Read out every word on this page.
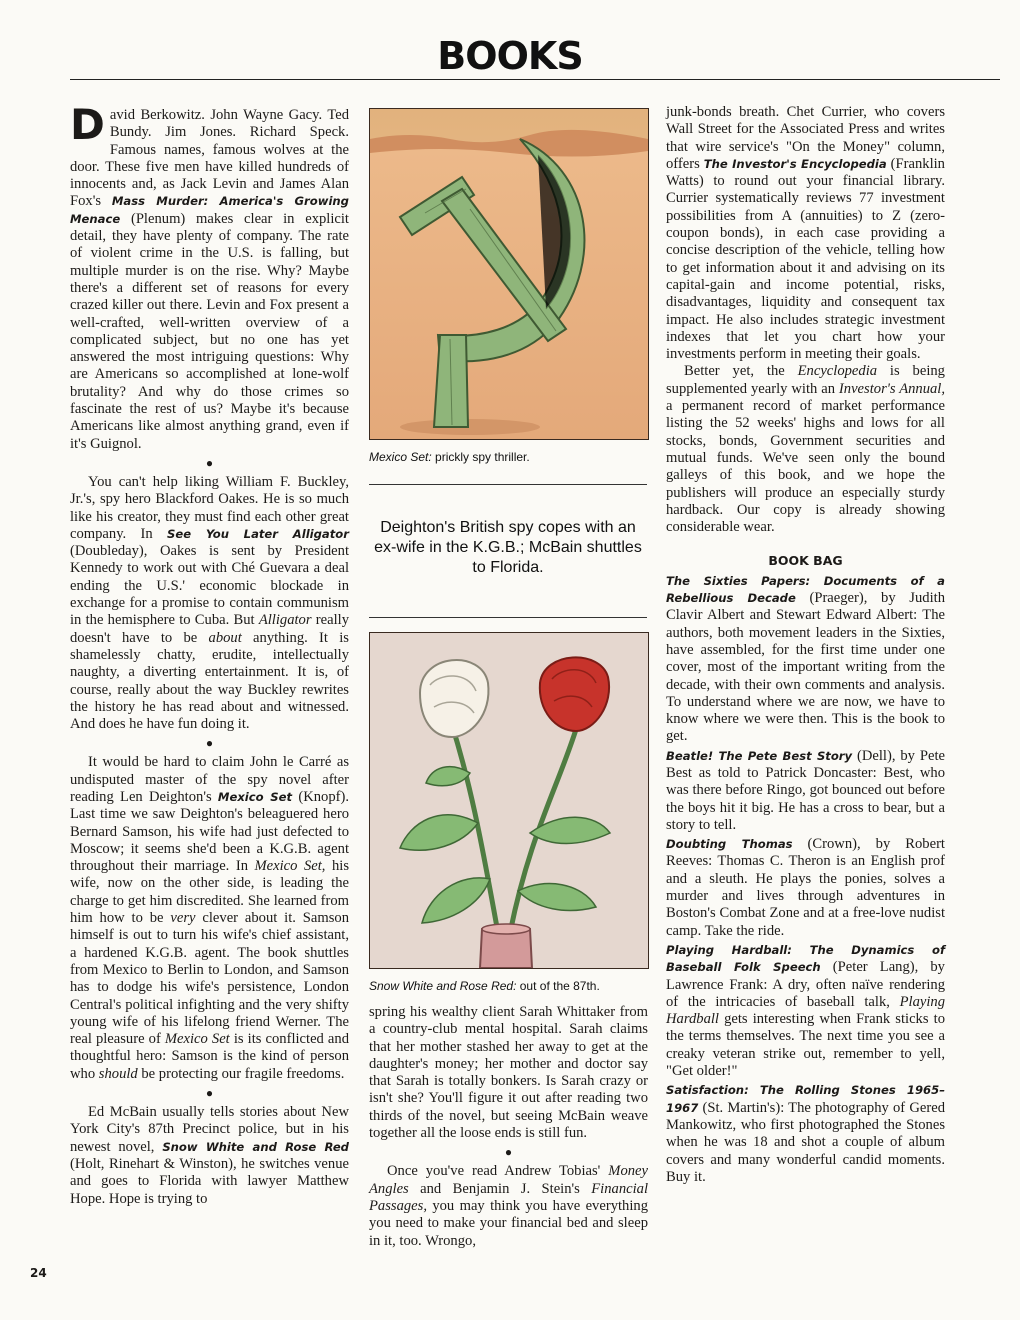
BOOKS

David Berkowitz. John Wayne Gacy. Ted Bundy. Jim Jones. Richard Speck. Famous names, famous wolves at the door. These five men have killed hundreds of innocents and, as Jack Levin and James Alan Fox's Mass Murder: America's Growing Menace (Plenum) makes clear in explicit detail, they have plenty of company. The rate of violent crime in the U.S. is falling, but multiple murder is on the rise. Why? Maybe there's a different set of reasons for every crazed killer out there. Levin and Fox present a well-crafted, well-written overview of a complicated subject, but no one has yet answered the most intriguing questions: Why are Americans so accomplished at lone-wolf brutality? And why do those crimes so fascinate the rest of us? Maybe it's because Americans like almost anything grand, even if it's Guignol.

●

You can't help liking William F. Buckley, Jr.'s, spy hero Blackford Oakes. He is so much like his creator, they must find each other great company. In See You Later Alligator (Doubleday), Oakes is sent by President Kennedy to work out with Ché Guevara a deal ending the U.S.' economic blockade in exchange for a promise to contain communism in the hemisphere to Cuba. But Alligator really doesn't have to be about anything. It is shamelessly chatty, erudite, intellectually naughty, a diverting entertainment. It is, of course, really about the way Buckley rewrites the history he has read about and witnessed. And does he have fun doing it.

●

It would be hard to claim John le Carré as undisputed master of the spy novel after reading Len Deighton's Mexico Set (Knopf). Last time we saw Deighton's beleaguered hero Bernard Samson, his wife had just defected to Moscow; it seems she'd been a K.G.B. agent throughout their marriage. In Mexico Set, his wife, now on the other side, is leading the charge to get him discredited. She learned from him how to be very clever about it. Samson himself is out to turn his wife's chief assistant, a hardened K.G.B. agent. The book shuttles from Mexico to Berlin to London, and Samson has to dodge his wife's persistence, London Central's political infighting and the very shifty young wife of his lifelong friend Werner. The real pleasure of Mexico Set is its conflicted and thoughtful hero: Samson is the kind of person who should be protecting our fragile freedoms.

●

Ed McBain usually tells stories about New York City's 87th Precinct police, but in his newest novel, Snow White and Rose Red (Holt, Rinehart & Winston), he switches venue and goes to Florida with lawyer Matthew Hope. Hope is trying to

Mexico Set: prickly spy thriller.
Deighton's British spy copes with an ex-wife in the K.G.B.; McBain shuttles to Florida.
Snow White and Rose Red: out of the 87th.

spring his wealthy client Sarah Whittaker from a country-club mental hospital. Sarah claims that her mother stashed her away to get at the daughter's money; her mother and doctor say that Sarah is totally bonkers. Is Sarah crazy or isn't she? You'll figure it out after reading two thirds of the novel, but seeing McBain weave together all the loose ends is still fun.

●

Once you've read Andrew Tobias' Money Angles and Benjamin J. Stein's Financial Passages, you may think you have everything you need to make your financial bed and sleep in it, too. Wrongo,

junk-bonds breath. Chet Currier, who covers Wall Street for the Associated Press and writes that wire service's "On the Money" column, offers The Investor's Encyclopedia (Franklin Watts) to round out your financial library. Currier systematically reviews 77 investment possibilities from A (annuities) to Z (zero-coupon bonds), in each case providing a concise description of the vehicle, telling how to get information about it and advising on its capital-gain and income potential, risks, disadvantages, liquidity and consequent tax impact. He also includes strategic investment indexes that let you chart how your investments perform in meeting their goals.

Better yet, the Encyclopedia is being supplemented yearly with an Investor's Annual, a permanent record of market performance listing the 52 weeks' highs and lows for all stocks, bonds, Government securities and mutual funds. We've seen only the bound galleys of this book, and we hope the publishers will produce an especially sturdy hardback. Our copy is already showing considerable wear.

BOOK BAG

The Sixties Papers: Documents of a Rebellious Decade (Praeger), by Judith Clavir Albert and Stewart Edward Albert: The authors, both movement leaders in the Sixties, have assembled, for the first time under one cover, most of the important writing from the decade, with their own comments and analysis. To understand where we are now, we have to know where we were then. This is the book to get.

Beatle! The Pete Best Story (Dell), by Pete Best as told to Patrick Doncaster: Best, who was there before Ringo, got bounced out before the boys hit it big. He has a cross to bear, but a story to tell.

Doubting Thomas (Crown), by Robert Reeves: Thomas C. Theron is an English prof and a sleuth. He plays the ponies, solves a murder and lives through adventures in Boston's Combat Zone and at a free-love nudist camp. Take the ride.

Playing Hardball: The Dynamics of Baseball Folk Speech (Peter Lang), by Lawrence Frank: A dry, often naïve rendering of the intricacies of baseball talk, Playing Hardball gets interesting when Frank sticks to the terms themselves. The next time you see a creaky veteran strike out, remember to yell, "Get older!"

Satisfaction: The Rolling Stones 1965–1967 (St. Martin's): The photography of Gered Mankowitz, who first photographed the Stones when he was 18 and shot a couple of album covers and many wonderful candid moments. Buy it.

24
